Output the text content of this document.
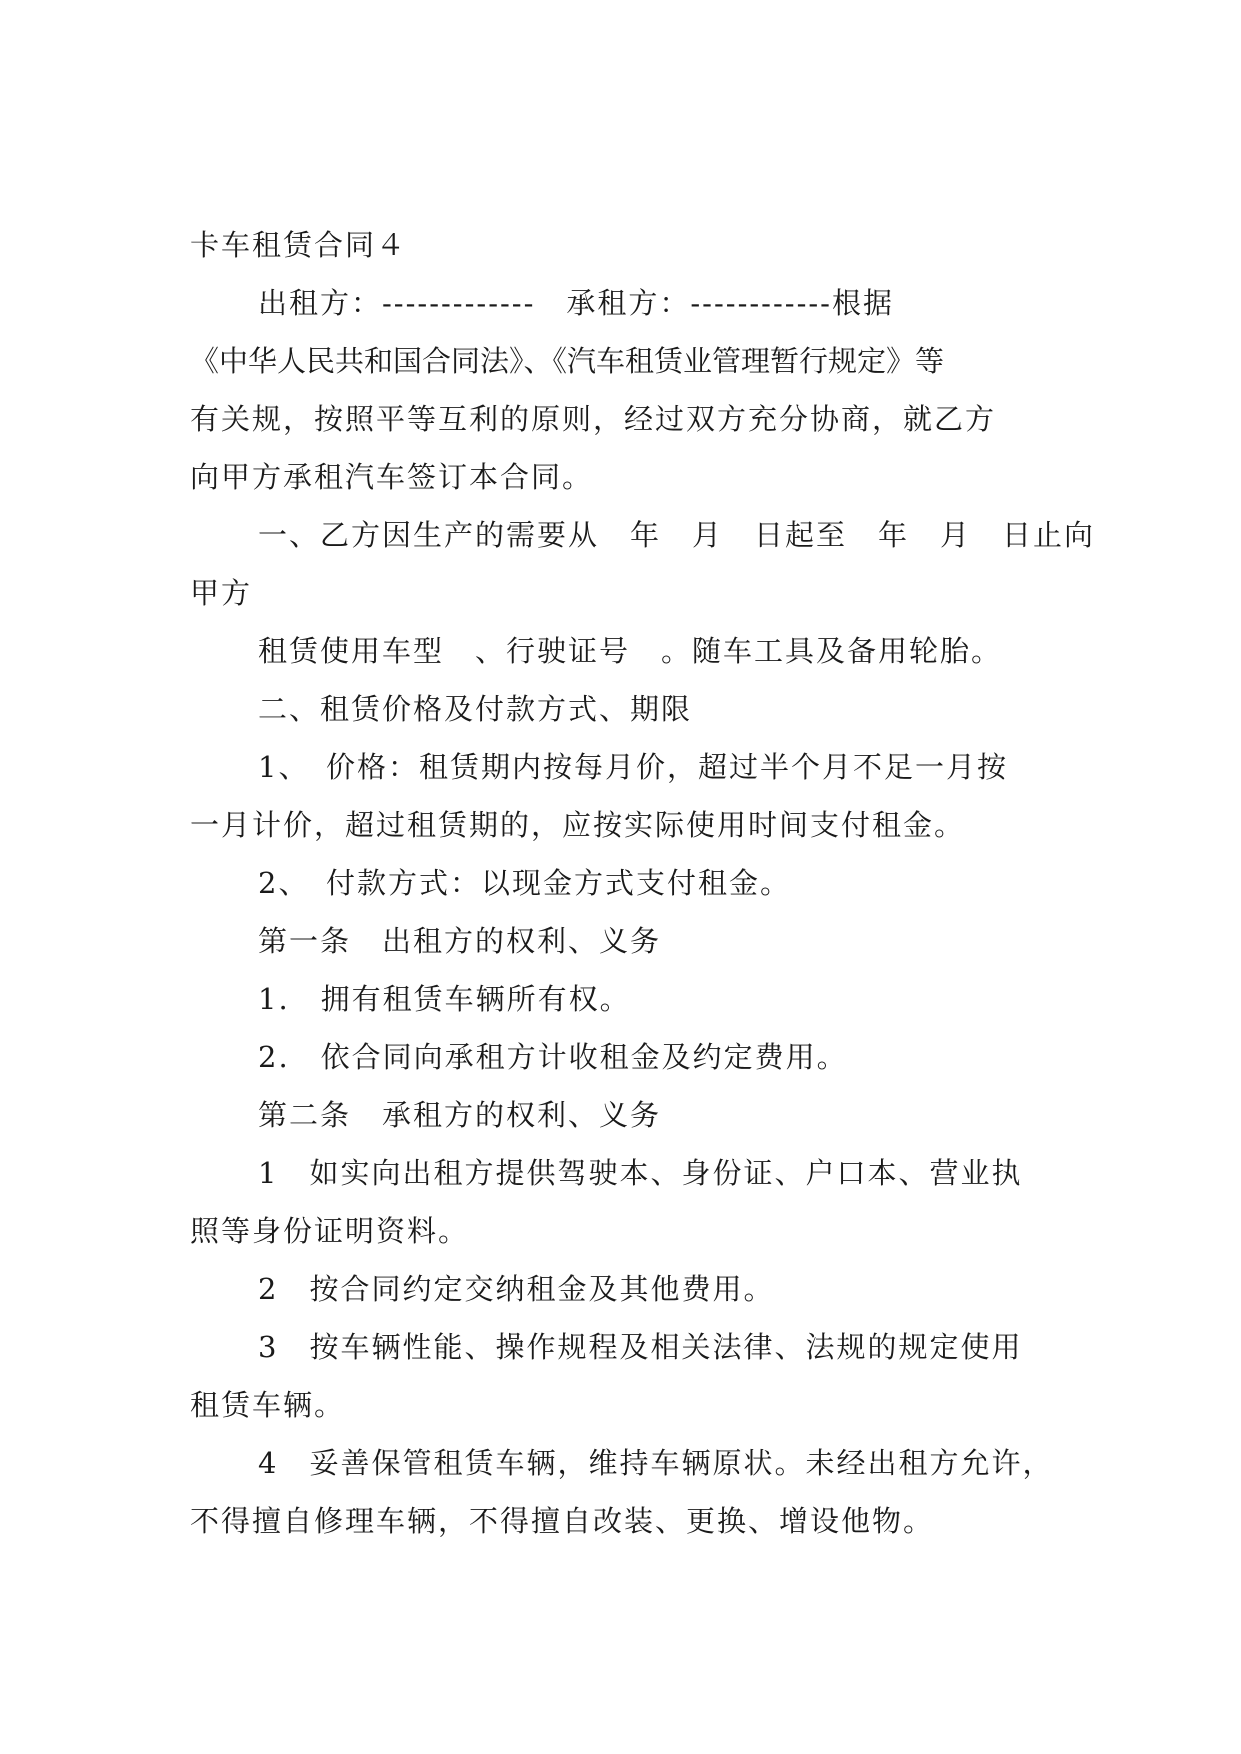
卡车租赁合同４
出租方：-------------　承租方：------------根据
《中华人民共和国合同法》、《汽车租赁业管理暂行规定》等
有关规，按照平等互利的原则，经过双方充分协商，就乙方
向甲方承租汽车签订本合同。
一、乙方因生产的需要从　年　月　日起至　年　月　日止向
甲方
租赁使用车型　、行驶证号　。随车工具及备用轮胎。
二、租赁价格及付款方式、期限
1、　价格：租赁期内按每月价，超过半个月不足一月按
一月计价，超过租赁期的，应按实际使用时间支付租金。
2、　付款方式：以现金方式支付租金。
第一条　出租方的权利、义务
1.　拥有租赁车辆所有权。
2.　依合同向承租方计收租金及约定费用。
第二条　承租方的权利、义务
1　如实向出租方提供驾驶本、身份证、户口本、营业执
照等身份证明资料。
2　按合同约定交纳租金及其他费用。
3　按车辆性能、操作规程及相关法律、法规的规定使用
租赁车辆。
4　妥善保管租赁车辆，维持车辆原状。未经出租方允许，
不得擅自修理车辆，不得擅自改装、更换、增设他物。
